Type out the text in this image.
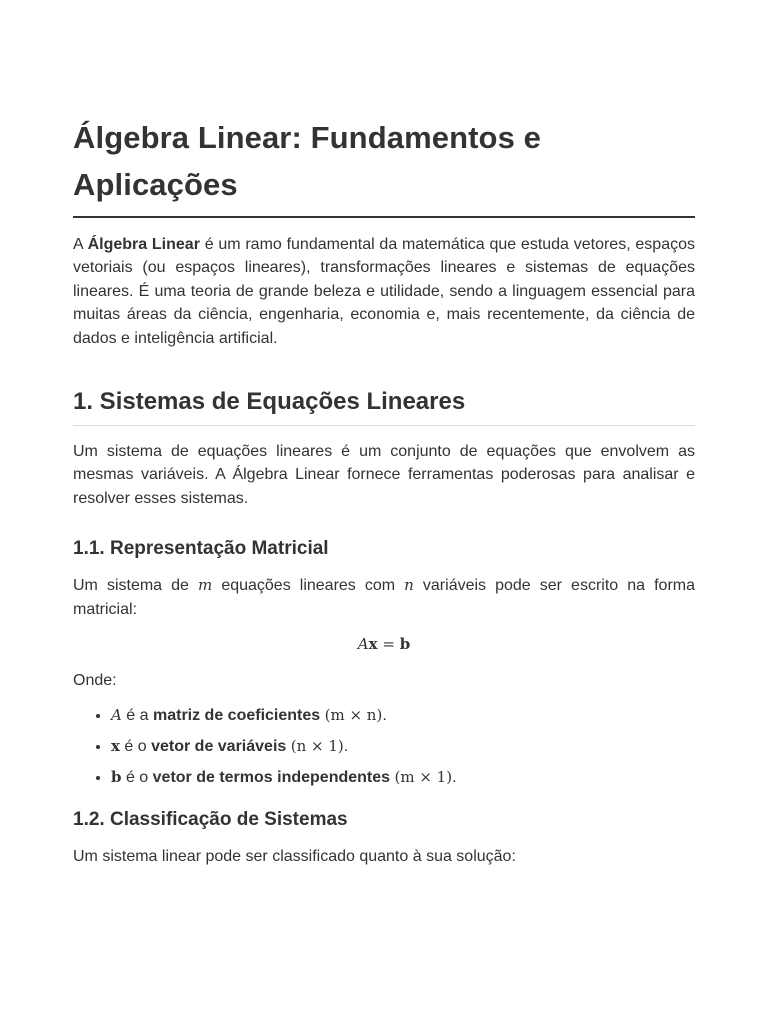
Álgebra Linear: Fundamentos e Aplicações

A Álgebra Linear é um ramo fundamental da matemática que estuda vetores, espaços vetoriais (ou espaços lineares), transformações lineares e sistemas de equações lineares. É uma teoria de grande beleza e utilidade, sendo a linguagem essencial para muitas áreas da ciência, engenharia, economia e, mais recentemente, da ciência de dados e inteligência artificial.

1. Sistemas de Equações Lineares

Um sistema de equações lineares é um conjunto de equações que envolvem as mesmas variáveis. A Álgebra Linear fornece ferramentas poderosas para analisar e resolver esses sistemas.

1.1. Representação Matricial

Um sistema de m equações lineares com n variáveis pode ser escrito na forma matricial:

Ax = b

Onde:

• A é a matriz de coeficientes (m × n).
• x é o vetor de variáveis (n × 1).
• b é o vetor de termos independentes (m × 1).
1.2. Classificação de Sistemas

Um sistema linear pode ser classificado quanto à sua solução:
